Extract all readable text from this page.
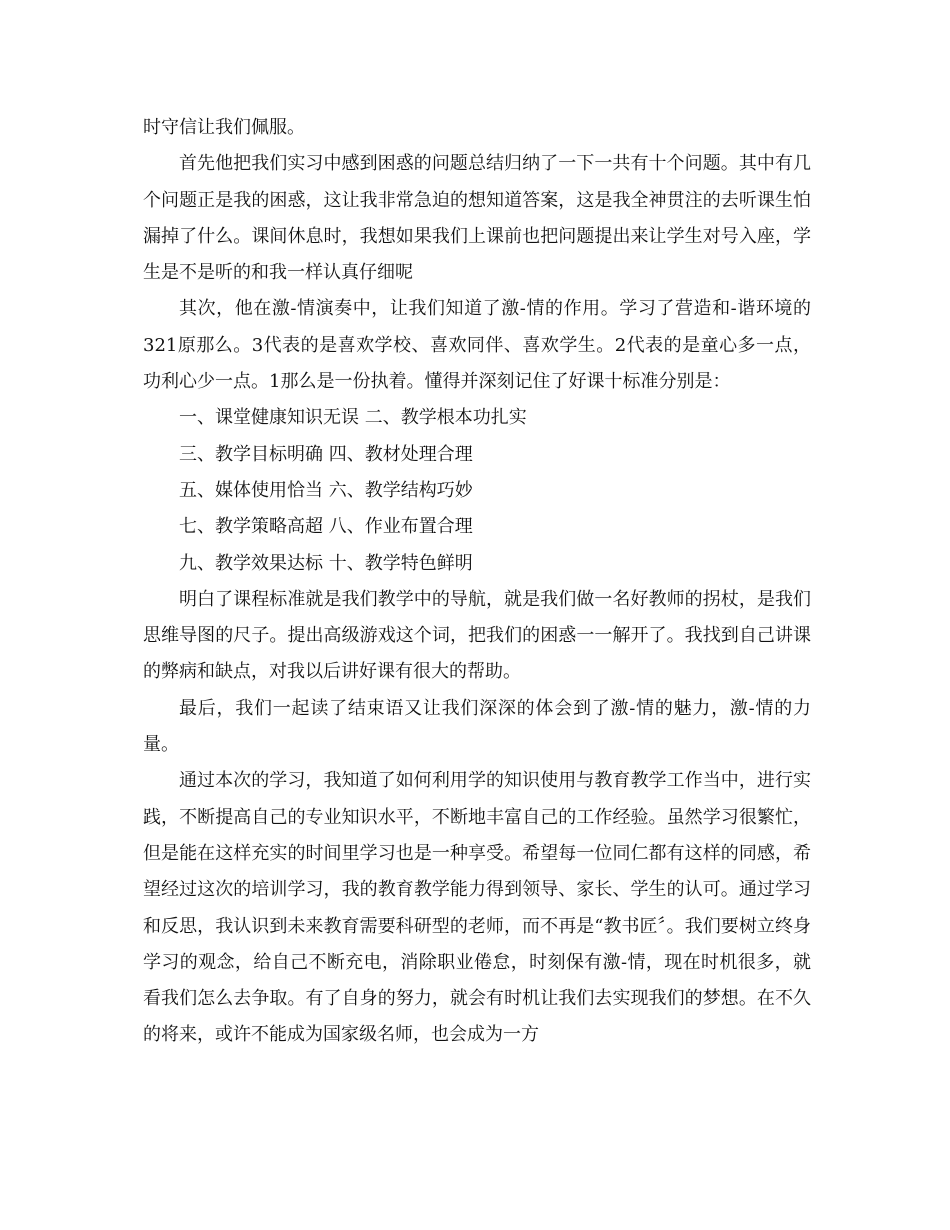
时守信让我们佩服。

首先他把我们实习中感到困惑的问题总结归纳了一下一共有十个问题。其中有几个问题正是我的困惑，这让我非常急迫的想知道答案，这是我全神贯注的去听课生怕漏掉了什么。课间休息时，我想如果我们上课前也把问题提出来让学生对号入座，学生是不是听的和我一样认真仔细呢

其次，他在激-情演奏中，让我们知道了激-情的作用。学习了营造和-谐环境的321原那么。3代表的是喜欢学校、喜欢同伴、喜欢学生。2代表的是童心多一点，功利心少一点。1那么是一份执着。懂得并深刻记住了好课十标准分别是：

一、课堂健康知识无误 二、教学根本功扎实

三、教学目标明确 四、教材处理合理

五、媒体使用恰当 六、教学结构巧妙

七、教学策略高超 八、作业布置合理

九、教学效果达标 十、教学特色鲜明

明白了课程标准就是我们教学中的导航，就是我们做一名好教师的拐杖，是我们思维导图的尺子。提出高级游戏这个词，把我们的困惑一一解开了。我找到自己讲课的弊病和缺点，对我以后讲好课有很大的帮助。

最后，我们一起读了结束语又让我们深深的体会到了激-情的魅力，激-情的力量。

通过本次的学习，我知道了如何利用学的知识使用与教育教学工作当中，进行实践，不断提高自己的专业知识水平，不断地丰富自己的工作经验。虽然学习很繁忙，但是能在这样充实的时间里学习也是一种享受。希望每一位同仁都有这样的同感，希望经过这次的培训学习，我的教育教学能力得到领导、家长、学生的认可。通过学习和反思，我认识到未来教育需要科研型的老师，而不再是“教书匠〞。我们要树立终身学习的观念，给自己不断充电，消除职业倦怠，时刻保有激-情，现在时机很多，就看我们怎么去争取。有了自身的努力，就会有时机让我们去实现我们的梦想。在不久的将来，或许不能成为国家级名师，也会成为一方
